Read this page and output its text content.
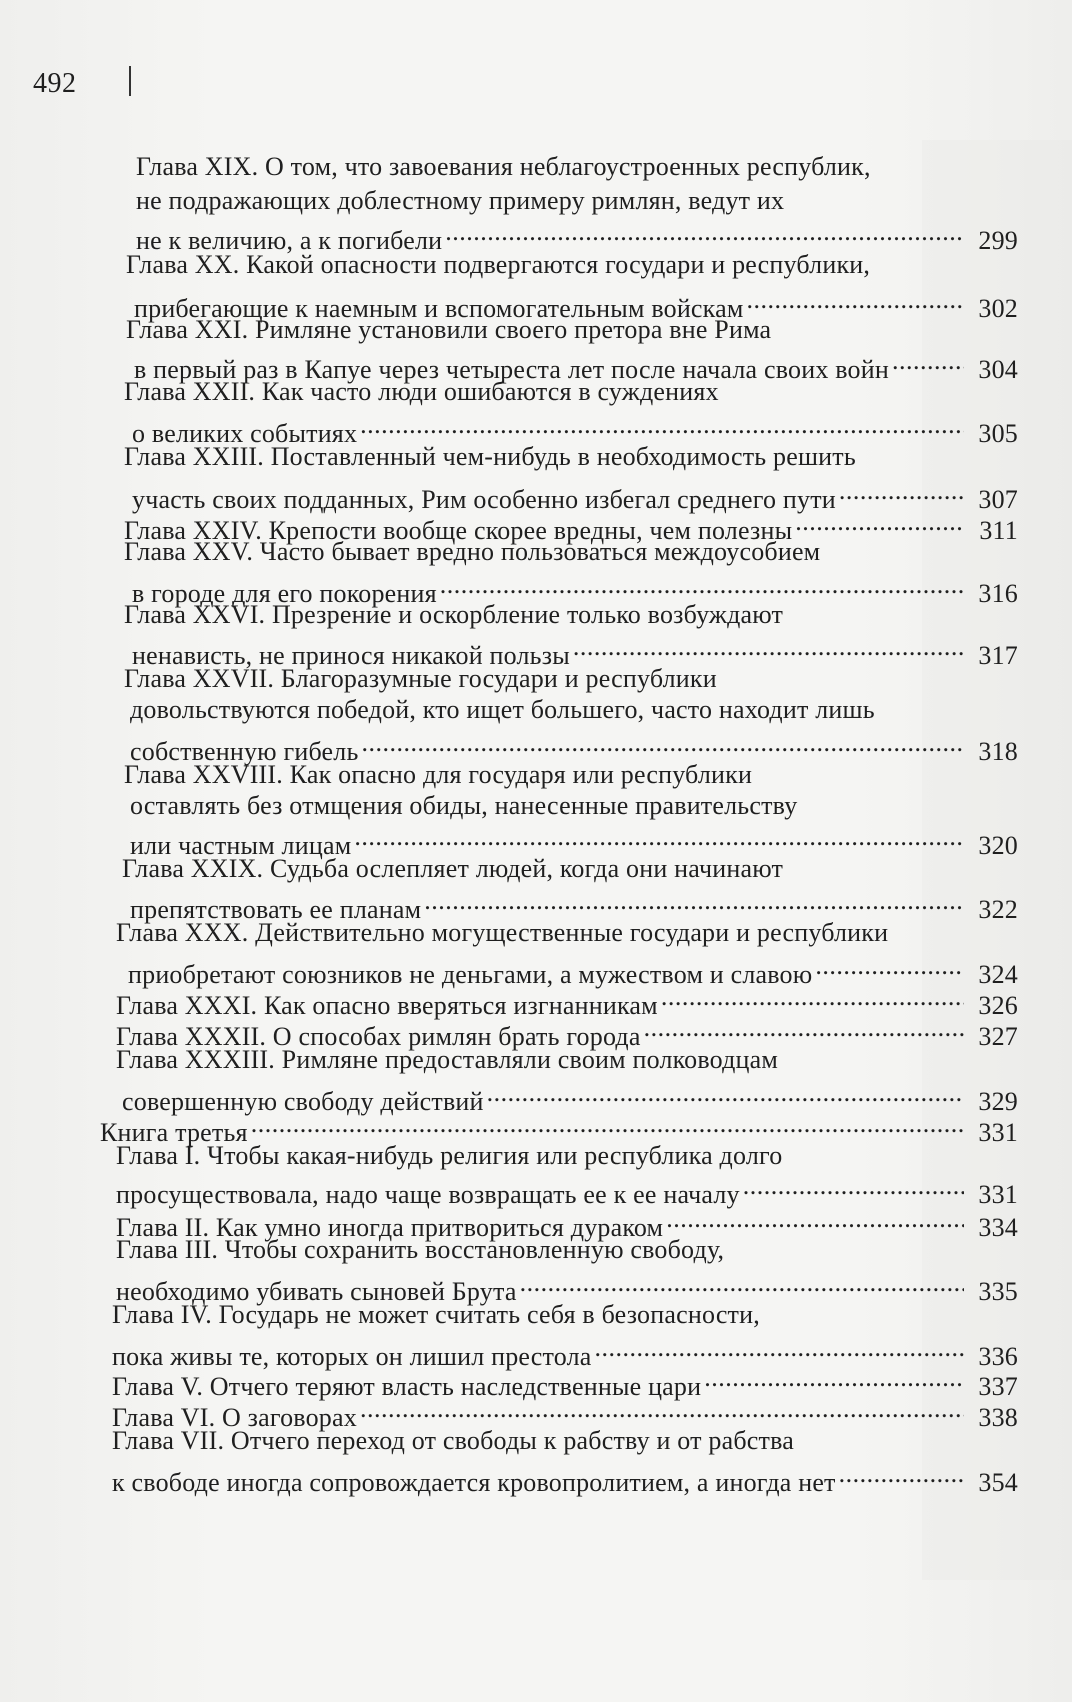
492
Глава XIX. О том, что завоевания неблагоустроенных республик,
не подражающих доблестному примеру римлян, ведут их
не к величию, а к погибели . . .	299
Глава XX. Какой опасности подвергаются государи и республики,
прибегающие к наемным и вспомогательным войскам . . .	302
Глава XXI. Римляне установили своего претора вне Рима
в первый раз в Капуе через четыреста лет после начала своих войн . . .	304
Глава XXII. Как часто люди ошибаются в суждениях
о великих событиях . . .	305
Глава XXIII. Поставленный чем-нибудь в необходимость решить
участь своих подданных, Рим особенно избегал среднего пути . . .	307
Глава XXIV. Крепости вообще скорее вредны, чем полезны . . .	311
Глава XXV. Часто бывает вредно пользоваться междоусобием
в городе для его покорения . . .	316
Глава XXVI. Презрение и оскорбление только возбуждают
ненависть, не принося никакой пользы . . .	317
Глава XXVII. Благоразумные государи и республики
довольствуются победой, кто ищет большего, часто находит лишь
собственную гибель . . .	318
Глава XXVIII. Как опасно для государя или республики
оставлять без отмщения обиды, нанесенные правительству
или частным лицам . . .	320
Глава XXIX. Судьба ослепляет людей, когда они начинают
препятствовать ее планам . . .	322
Глава XXX. Действительно могущественные государи и республики
приобретают союзников не деньгами, а мужеством и славою . . .	324
Глава XXXI. Как опасно вверяться изгнанникам . . .	326
Глава XXXII. О способах римлян брать города . . .	327
Глава XXXIII. Римляне предоставляли своим полководцам
совершенную свободу действий . . .	329
Книга третья . . .	331
Глава I. Чтобы какая-нибудь религия или республика долго
просуществовала, надо чаще возвращать ее к ее началу . . .	331
Глава II. Как умно иногда притвориться дураком . . .	334
Глава III. Чтобы сохранить восстановленную свободу,
необходимо убивать сыновей Брута . . .	335
Глава IV. Государь не может считать себя в безопасности,
пока живы те, которых он лишил престола . . .	336
Глава V. Отчего теряют власть наследственные цари . . .	337
Глава VI. О заговорах . . .	338
Глава VII. Отчего переход от свободы к рабству и от рабства
к свободе иногда сопровождается кровопролитием, а иногда нет . . .	354
